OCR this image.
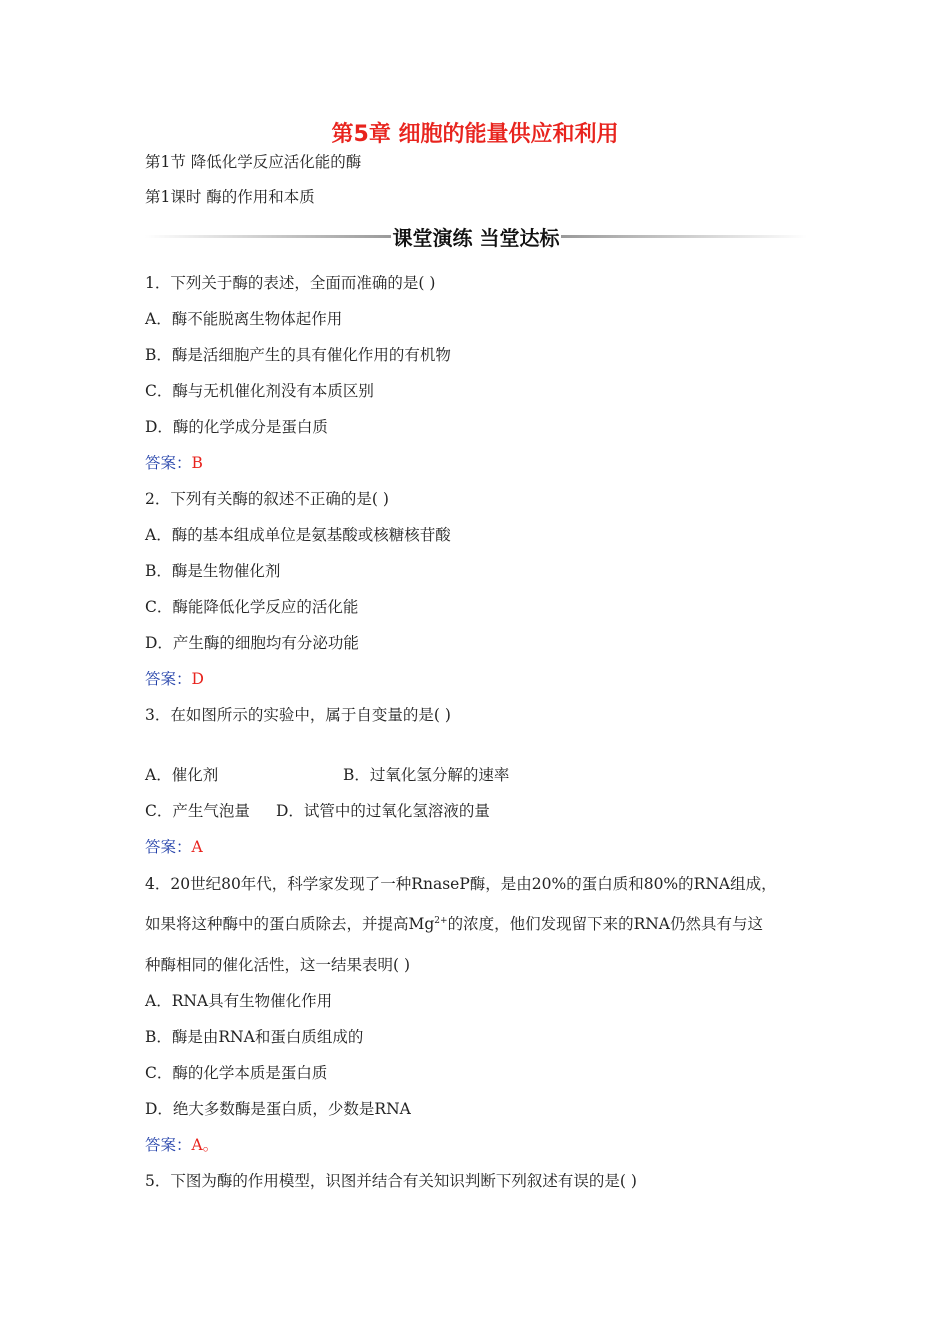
第5章 细胞的能量供应和利用
第1节 降低化学反应活化能的酶
第1课时 酶的作用和本质
课堂演练 当堂达标
1．下列关于酶的表述，全面而准确的是( )
A．酶不能脱离生物体起作用
B．酶是活细胞产生的具有催化作用的有机物
C．酶与无机催化剂没有本质区别
D．酶的化学成分是蛋白质
答案：B
2．下列有关酶的叙述不正确的是( )
A．酶的基本组成单位是氨基酸或核糖核苷酸
B．酶是生物催化剂
C．酶能降低化学反应的活化能
D．产生酶的细胞均有分泌功能
答案：D
3．在如图所示的实验中，属于自变量的是( )
A．催化剂	B．过氧化氢分解的速率
C．产生气泡量 D．试管中的过氧化氢溶液的量
答案：A
4．20世纪80年代，科学家发现了一种RnaseP酶，是由20%的蛋白质和80%的RNA组成，
如果将这种酶中的蛋白质除去，并提高$Mg^{2+}$的浓度，他们发现留下来的RNA仍然具有与这
种酶相同的催化活性，这一结果表明( )
A．RNA具有生物催化作用
B．酶是由RNA和蛋白质组成的
C．酶的化学本质是蛋白质
D．绝大多数酶是蛋白质，少数是RNA
答案：A。
5．下图为酶的作用模型，识图并结合有关知识判断下列叙述有误的是( )
